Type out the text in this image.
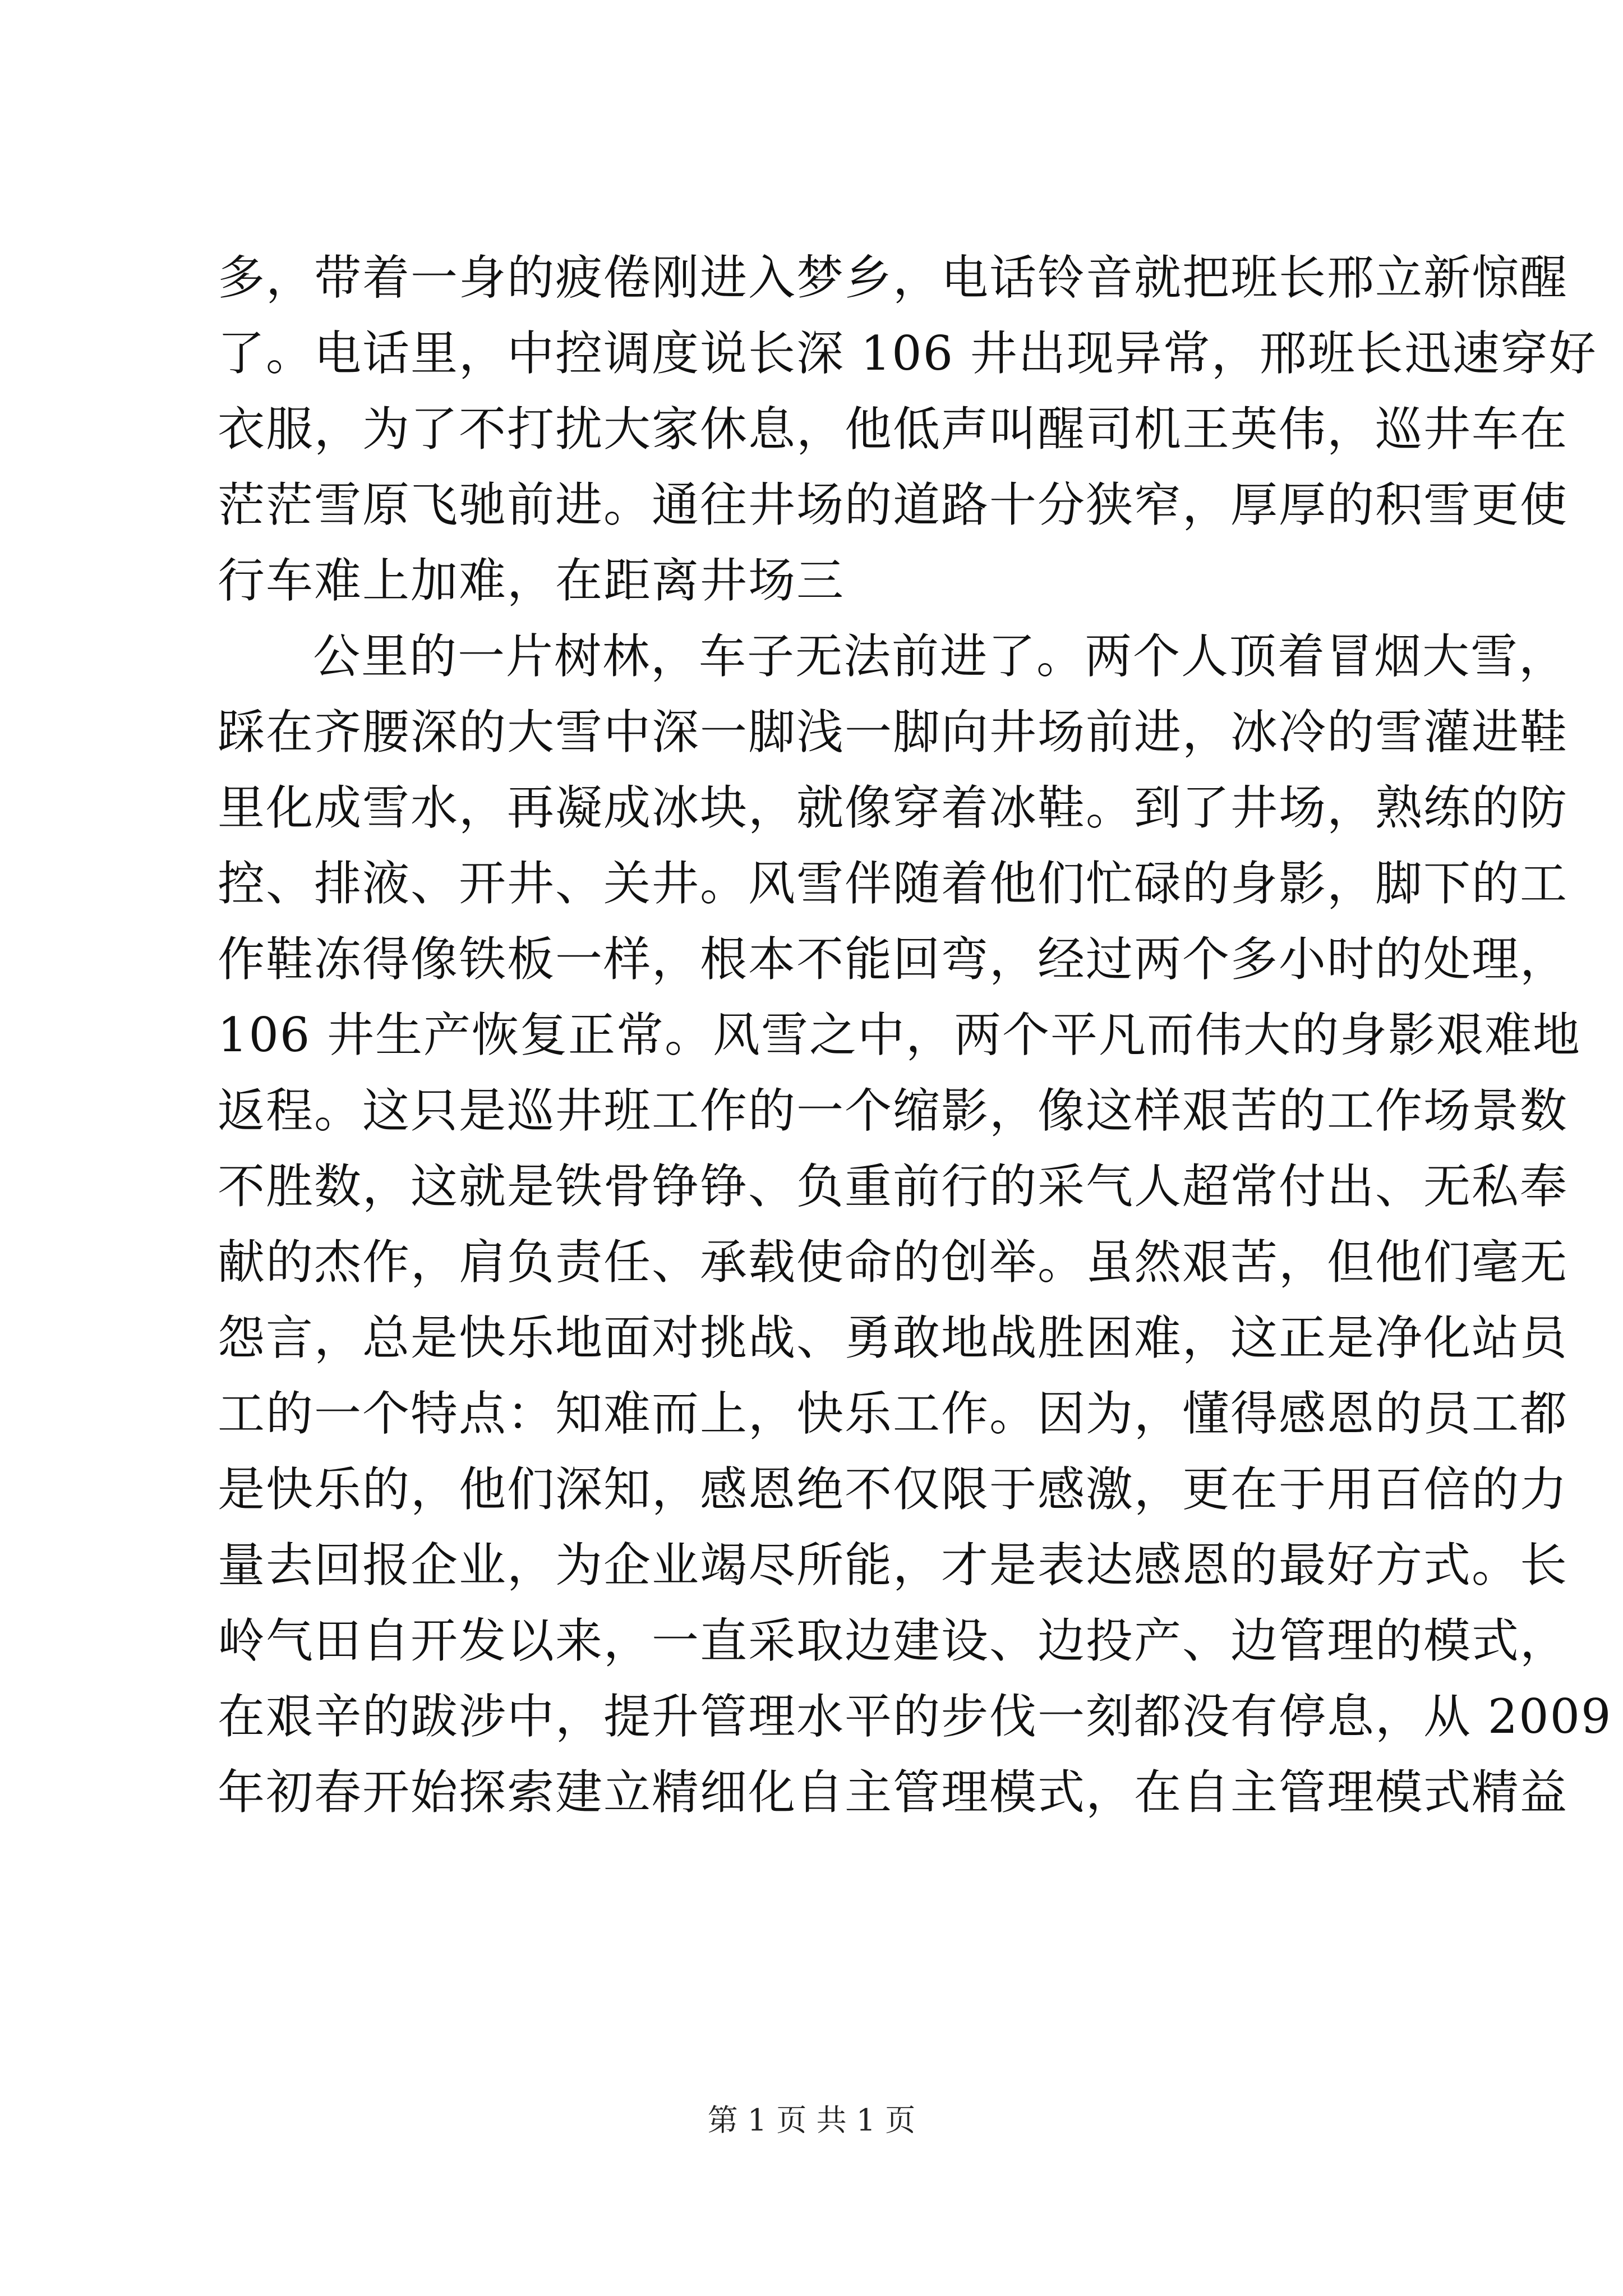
多，带着一身的疲倦刚进入梦乡，电话铃音就把班长邢立新惊醒
了。电话里，中控调度说长深 106 井出现异常，邢班长迅速穿好
衣服，为了不打扰大家休息，他低声叫醒司机王英伟，巡井车在
茫茫雪原飞驰前进。通往井场的道路十分狭窄，厚厚的积雪更使
行车难上加难，在距离井场三
公里的一片树林，车子无法前进了。两个人顶着冒烟大雪，
踩在齐腰深的大雪中深一脚浅一脚向井场前进，冰冷的雪灌进鞋
里化成雪水，再凝成冰块，就像穿着冰鞋。到了井场，熟练的防
控、排液、开井、关井。风雪伴随着他们忙碌的身影，脚下的工
作鞋冻得像铁板一样，根本不能回弯，经过两个多小时的处理，
106 井生产恢复正常。风雪之中，两个平凡而伟大的身影艰难地
返程。这只是巡井班工作的一个缩影，像这样艰苦的工作场景数
不胜数，这就是铁骨铮铮、负重前行的采气人超常付出、无私奉
献的杰作，肩负责任、承载使命的创举。虽然艰苦，但他们毫无
怨言，总是快乐地面对挑战、勇敢地战胜困难，这正是净化站员
工的一个特点：知难而上，快乐工作。因为，懂得感恩的员工都
是快乐的，他们深知，感恩绝不仅限于感激，更在于用百倍的力
量去回报企业，为企业竭尽所能，才是表达感恩的最好方式。长
岭气田自开发以来，一直采取边建设、边投产、边管理的模式，
在艰辛的跋涉中，提升管理水平的步伐一刻都没有停息，从 2009
年初春开始探索建立精细化自主管理模式，在自主管理模式精益
第 1 页 共 1 页
